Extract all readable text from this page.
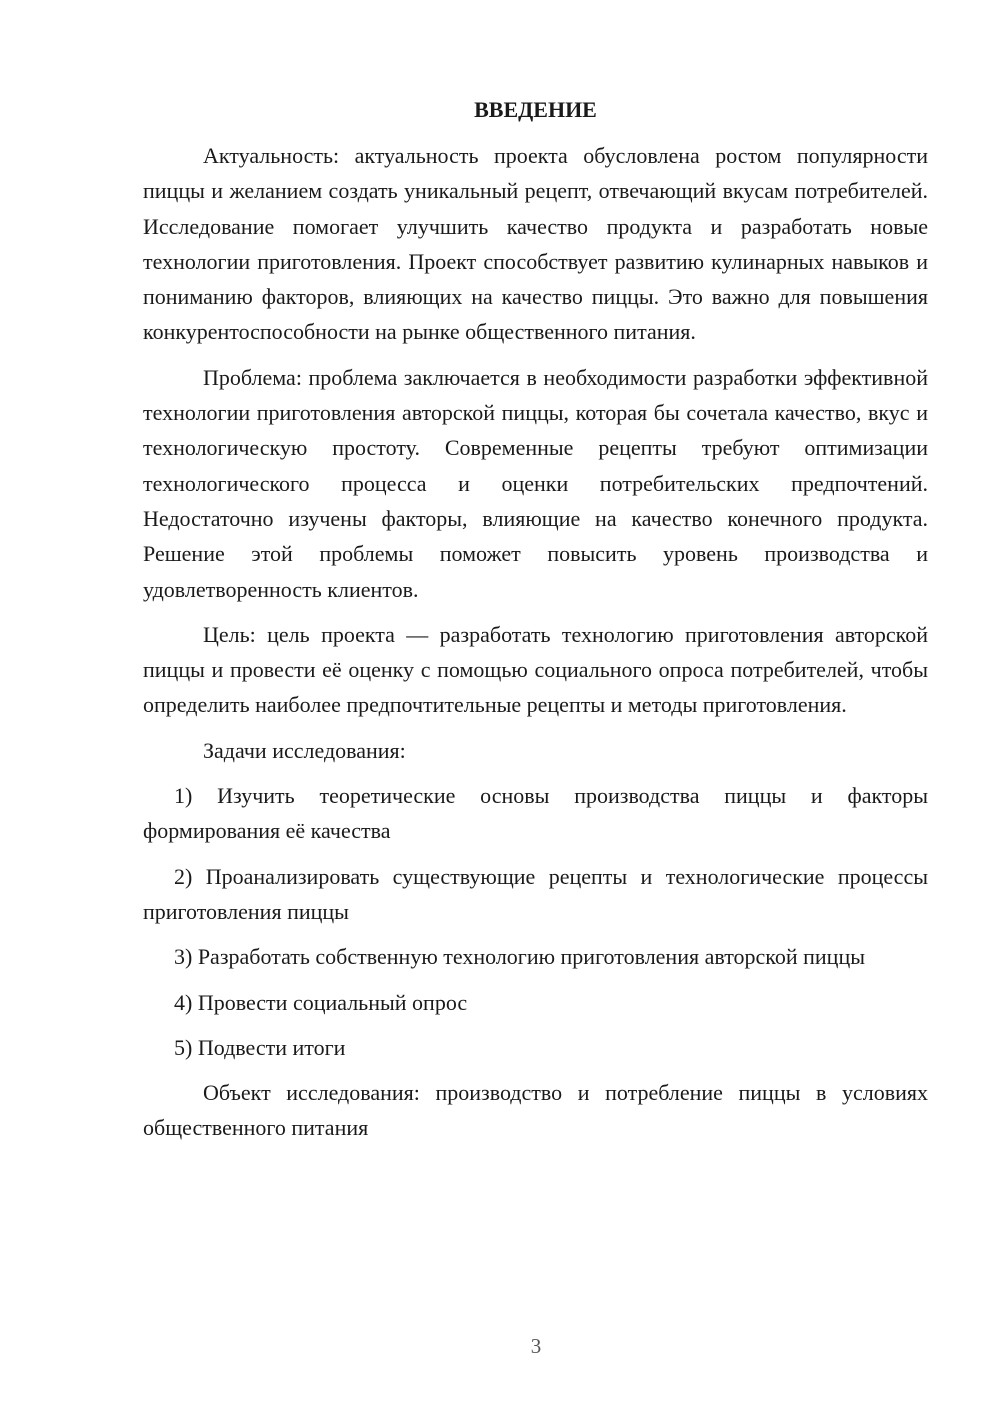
ВВЕДЕНИЕ

Актуальность: актуальность проекта обусловлена ростом популярности пиццы и желанием создать уникальный рецепт, отвечающий вкусам потребителей. Исследование помогает улучшить качество продукта и разработать новые технологии приготовления. Проект способствует развитию кулинарных навыков и пониманию факторов, влияющих на качество пиццы. Это важно для повышения конкурентоспособности на рынке общественного питания.

Проблема: проблема заключается в необходимости разработки эффективной технологии приготовления авторской пиццы, которая бы сочетала качество, вкус и технологическую простоту. Современные рецепты требуют оптимизации технологического процесса и оценки потребительских предпочтений. Недостаточно изучены факторы, влияющие на качество конечного продукта. Решение этой проблемы поможет повысить уровень производства и удовлетворенность клиентов.

Цель: цель проекта — разработать технологию приготовления авторской пиццы и провести её оценку с помощью социального опроса потребителей, чтобы определить наиболее предпочтительные рецепты и методы приготовления.

Задачи исследования:

1) Изучить теоретические основы производства пиццы и факторы формирования её качества

2) Проанализировать существующие рецепты и технологические процессы приготовления пиццы

3) Разработать собственную технологию приготовления авторской пиццы

4) Провести социальный опрос

5) Подвести итоги

Объект исследования: производство и потребление пиццы в условиях общественного питания

3
